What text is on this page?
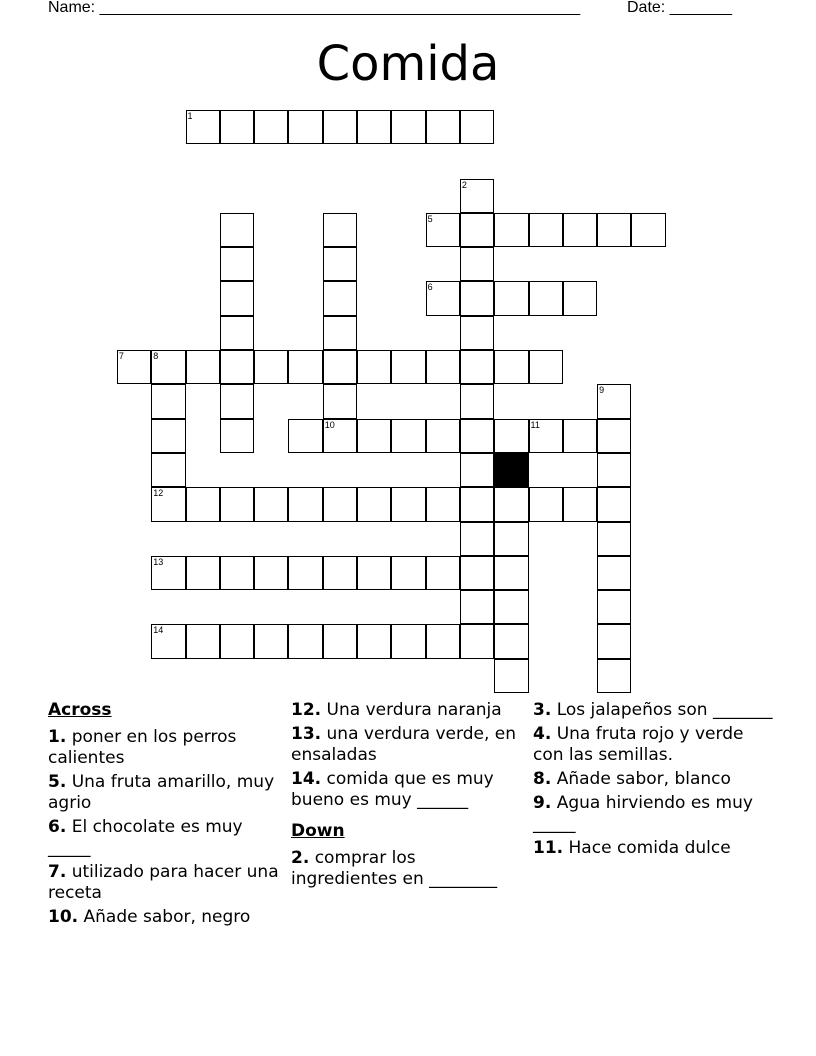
Name: ______________________________________________________	Date: _______
Comida
1
5
6
7	8
10	11
12
13
14
2
9
Across
1. poner en los perros calientes
5. Una fruta amarillo, muy agrio
6. El chocolate es muy _____
7. utilizado para hacer una receta
10. Añade sabor, negro
12. Una verdura naranja
13. una verdura verde, en ensaladas
14. comida que es muy bueno es muy ______
Down
2. comprar los ingredientes en ________
3. Los jalapeños son _______
4. Una fruta rojo y verde con las semillas.
8. Añade sabor, blanco
9. Agua hirviendo es muy _____
11. Hace comida dulce
